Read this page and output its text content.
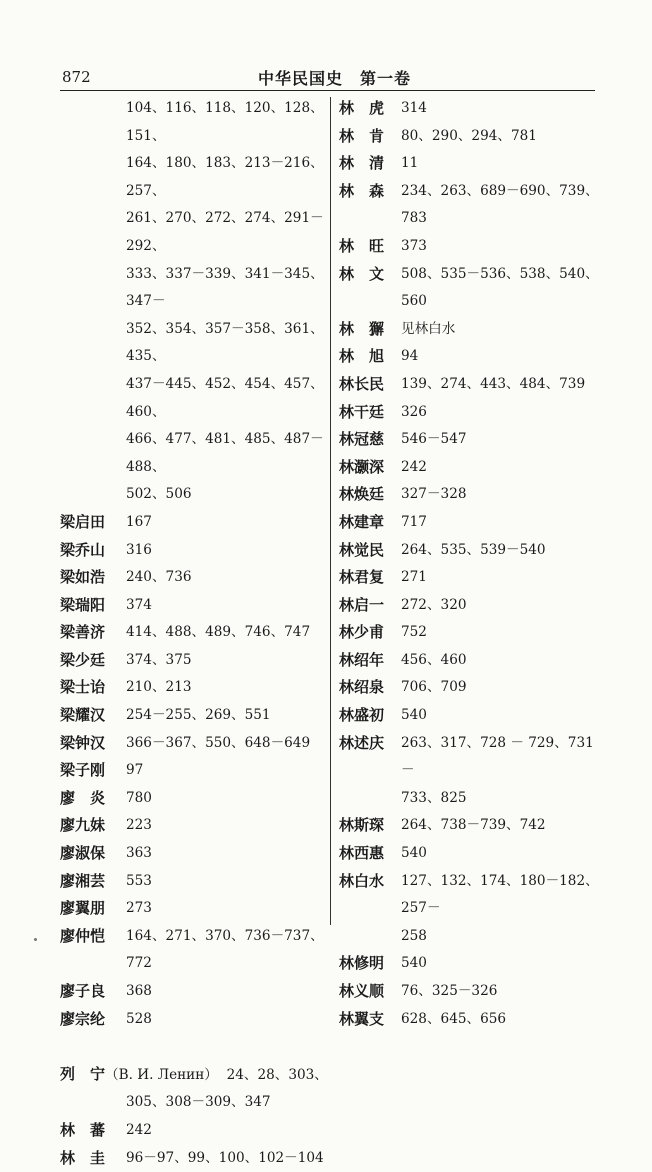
872	中华民国史　第一卷
104、116、118、120、128、151、
164、180、183、213－216、257、
261、270、272、274、291－292、
333、337－339、341－345、347－
352、354、357－358、361、435、
437－445、452、454、457、460、
466、477、481、485、487－488、
502、506
梁启田	167
梁乔山	316
梁如浩	240、736
梁瑞阳	374
梁善济	414、488、489、746、747
梁少廷	374、375
梁士诒	210、213
梁耀汉	254－255、269、551
梁钟汉	366－367、550、648－649
梁子刚	97
廖　炎	780
廖九妹	223
廖淑保	363
廖湘芸	553
廖翼朋	273
廖仲恺	164、271、370、736－737、772
廖子良	368
廖宗纶	528

列　宁（В. И. Ленин） 24、28、303、

305、308－309、347
林　蕃	242
林　圭	96－97、99、100、102－104
林　虎	314
林　肯	80、290、294、781
林　清	11
林　森	234、263、689－690、739、783
林　旺	373
林　文	508、535－536、538、540、560
林　獬	见林白水
林　旭	94
林长民	139、274、443、484、739
林干廷	326
林冠慈	546－547
林灏深	242
林焕廷	327－328
林建章	717
林觉民	264、535、539－540
林君复	271
林启一	272、320
林少甫	752
林绍年	456、460
林绍泉	706、709
林盛初	540
林述庆	263、317、728 － 729、731 －
733、825
林斯琛	264、738－739、742
林西惠	540
林白水	127、132、174、180－182、257－
258
林修明	540
林义顺	76、325－326
林翼支	628、645、656
